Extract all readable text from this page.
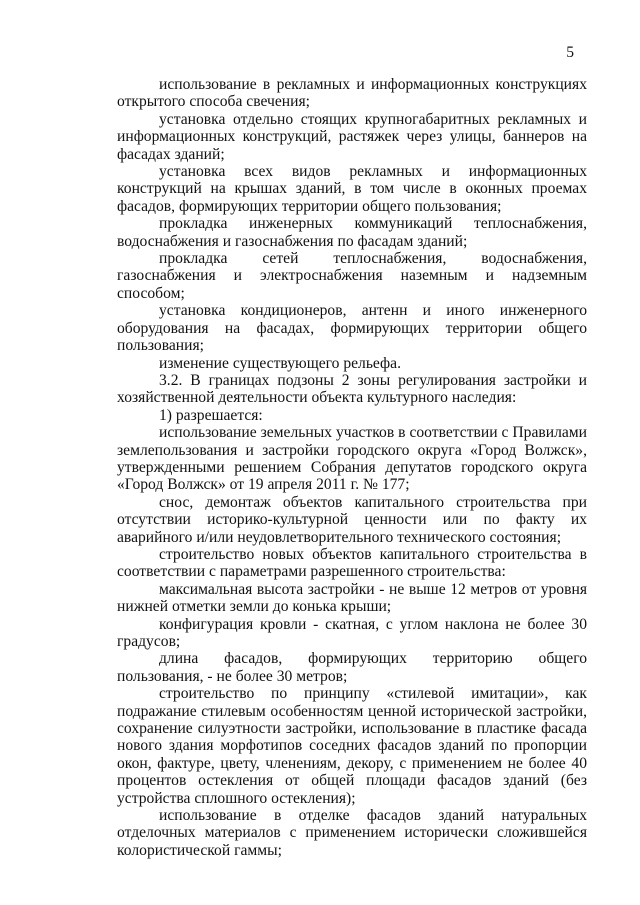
5

использование в рекламных и информационных конструкциях открытого способа свечения;

установка отдельно стоящих крупногабаритных рекламных и информационных конструкций, растяжек через улицы, баннеров на фасадах зданий;

установка всех видов рекламных и информационных конструкций на крышах зданий, в том числе в оконных проемах фасадов, формирующих территории общего пользования;

прокладка инженерных коммуникаций теплоснабжения, водоснабжения и газоснабжения по фасадам зданий;

прокладка сетей теплоснабжения, водоснабжения, газоснабжения и электроснабжения наземным и надземным способом;

установка кондиционеров, антенн и иного инженерного оборудования на фасадах, формирующих территории общего пользования;

изменение существующего рельефа.

3.2. В границах подзоны 2 зоны регулирования застройки и хозяйственной деятельности объекта культурного наследия:

1) разрешается:

использование земельных участков в соответствии с Правилами землепользования и застройки городского округа «Город Волжск», утвержденными решением Собрания депутатов городского округа «Город Волжск» от 19 апреля 2011 г. № 177;

снос, демонтаж объектов капитального строительства при отсутствии историко-культурной ценности или по факту их аварийного и/или неудовлетворительного технического состояния;

строительство новых объектов капитального строительства в соответствии с параметрами разрешенного строительства:

максимальная высота застройки - не выше 12 метров от уровня нижней отметки земли до конька крыши;

конфигурация кровли - скатная, с углом наклона не более 30 градусов;

длина фасадов, формирующих территорию общего пользования, - не более 30 метров;

строительство по принципу «стилевой имитации», как подражание стилевым особенностям ценной исторической застройки, сохранение силуэтности застройки, использование в пластике фасада нового здания морфотипов соседних фасадов зданий по пропорции окон, фактуре, цвету, членениям, декору, с применением не более 40 процентов остекления от общей площади фасадов зданий (без устройства сплошного остекления);

использование в отделке фасадов зданий натуральных отделочных материалов с применением исторически сложившейся колористической гаммы;
